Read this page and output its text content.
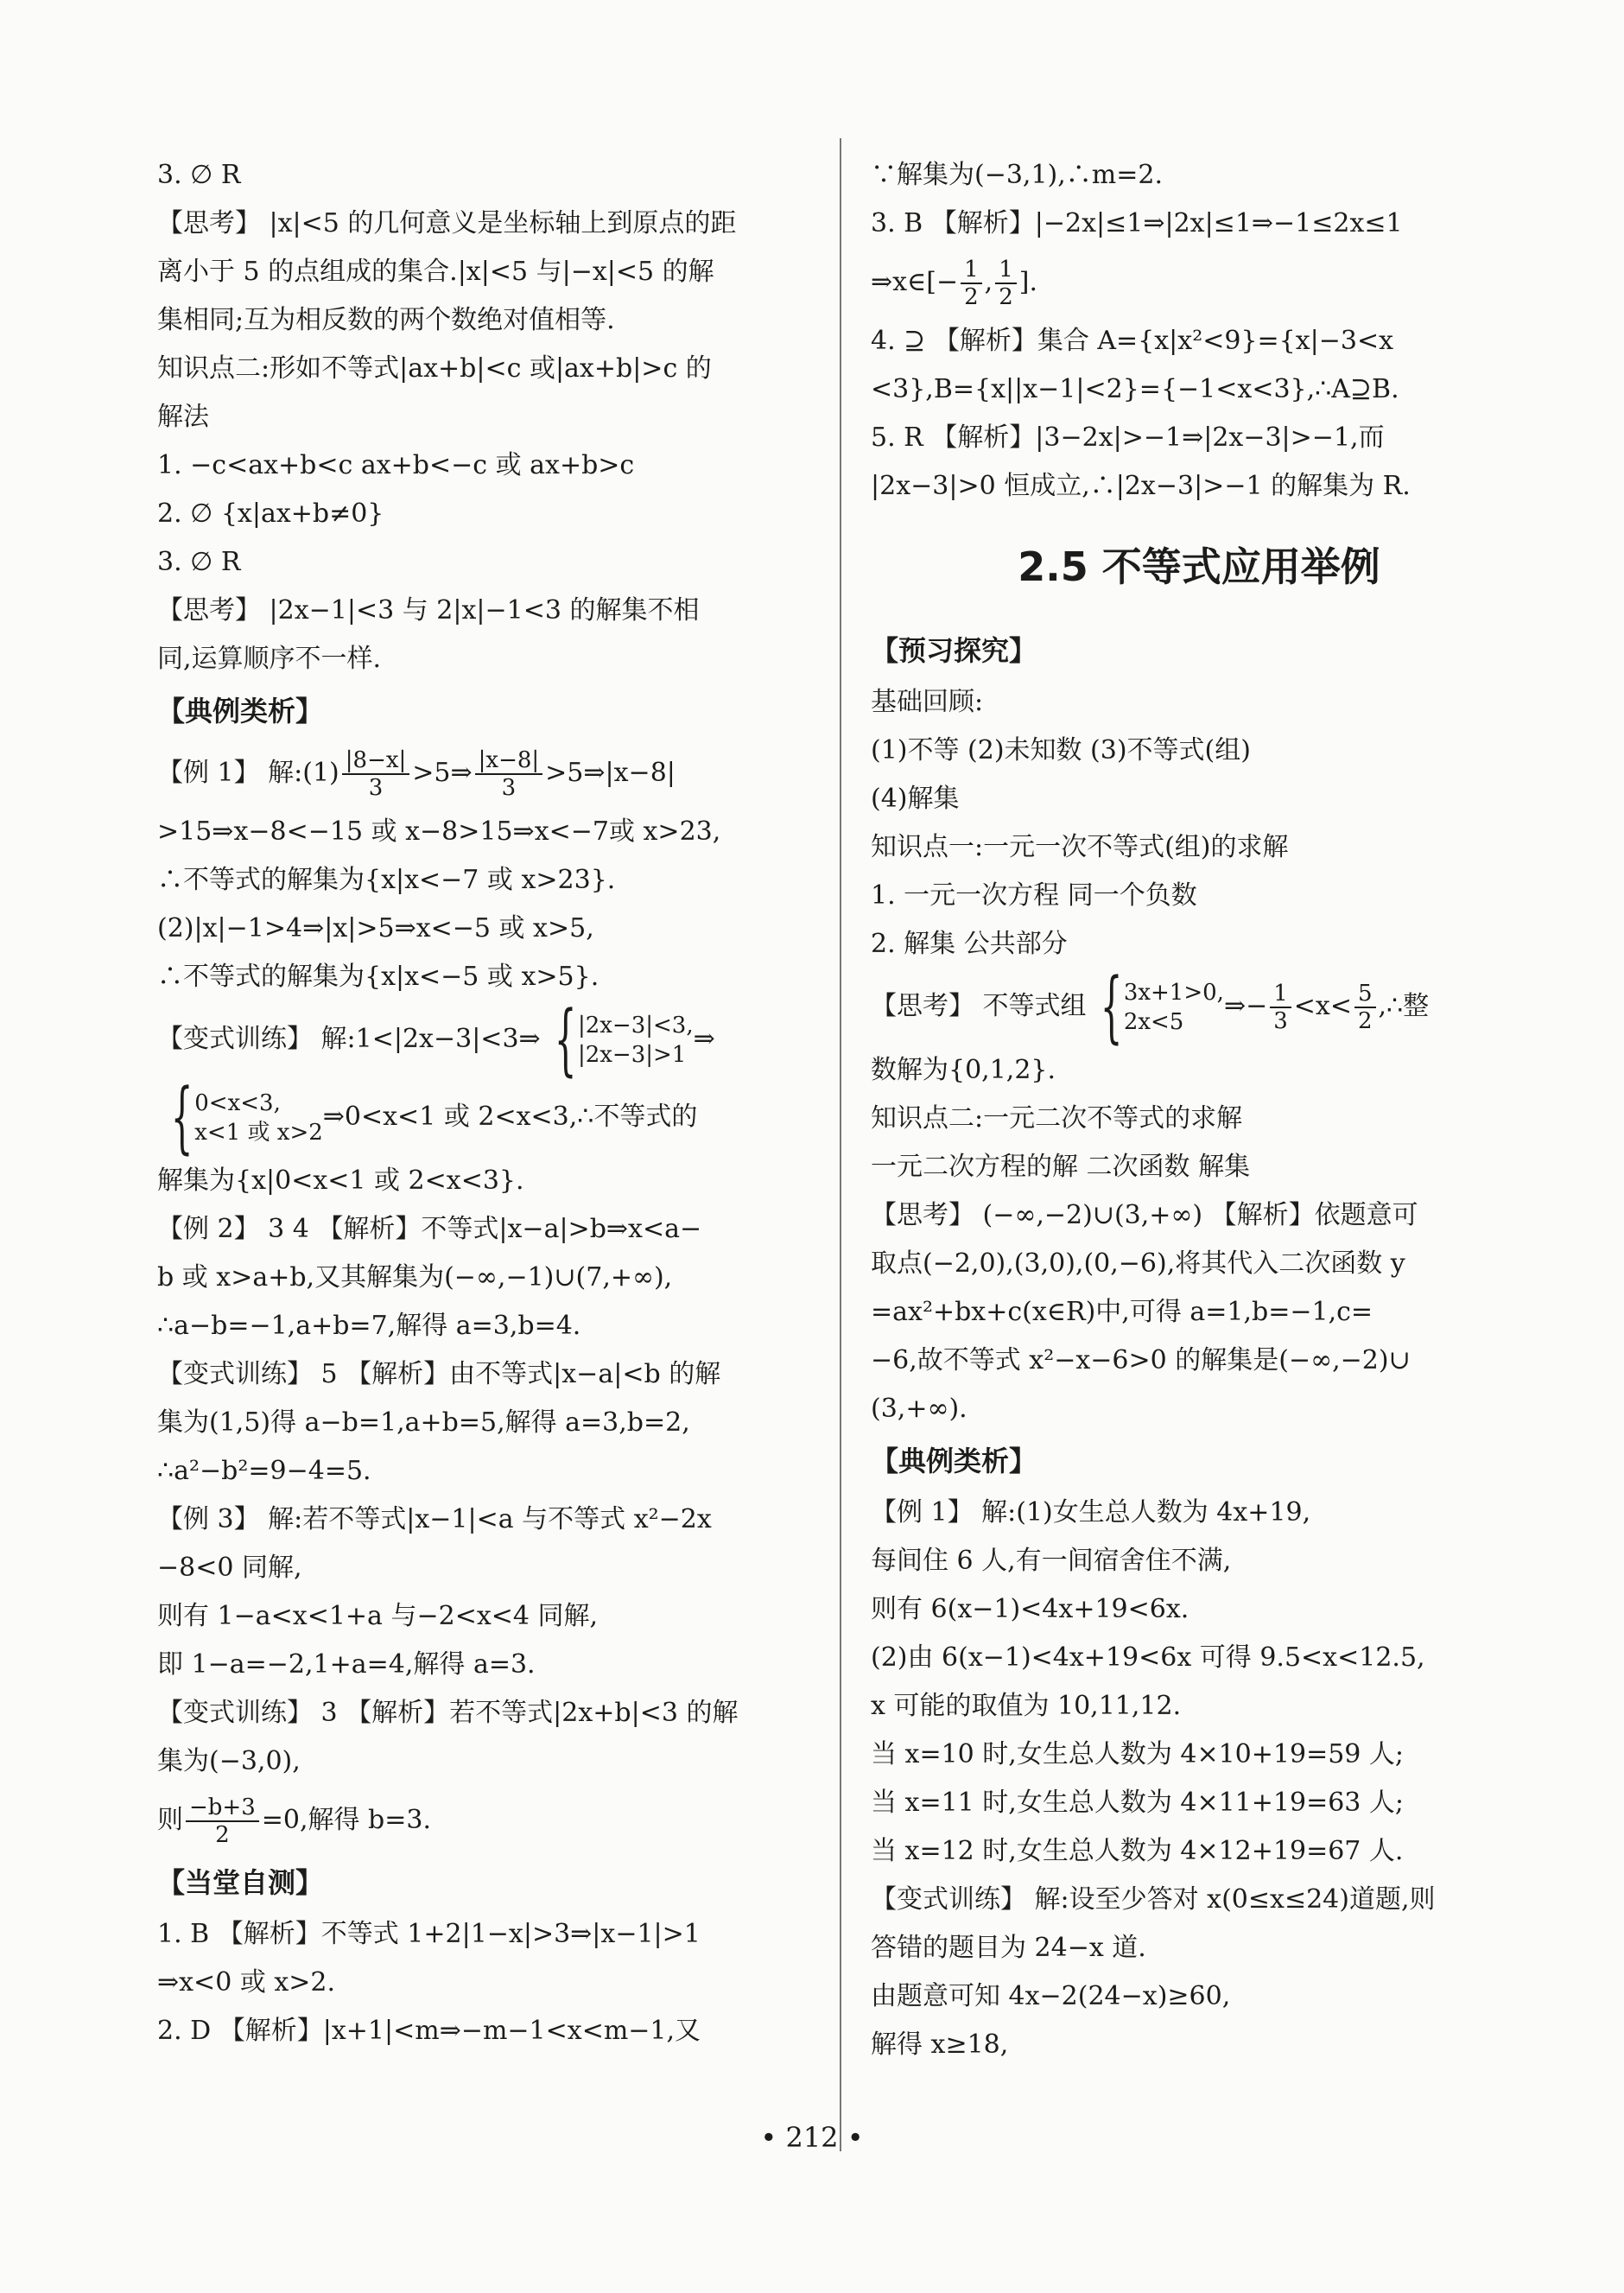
3. ∅ R
【思考】 |x|<5 的几何意义是坐标轴上到原点的距
离小于 5 的点组成的集合.|x|<5 与|−x|<5 的解
集相同;互为相反数的两个数绝对值相等.
知识点二:形如不等式|ax+b|<c 或|ax+b|>c 的
解法
1. −c<ax+b<c ax+b<−c 或 ax+b>c
2. ∅ {x|ax+b≠0}
3. ∅ R
【思考】 |2x−1|<3 与 2|x|−1<3 的解集不相
同,运算顺序不一样.
【典例类析】
【例 1】 解:(1) $\frac{|8-x|}{3}$ >5⇒ $\frac{|x-8|}{3}$ >5⇒|x−8|
>15⇒x−8<−15 或 x−8>15⇒x<−7或 x>23,
∴不等式的解集为{x|x<−7 或 x>23}.
(2)|x|−1>4⇒|x|>5⇒x<−5 或 x>5,
∴不等式的解集为{x|x<−5 或 x>5}.
【变式训练】 解:1<|2x−3|<3⇒ { |2x−3|<3,
|2x−3|>1
⇒
{ 0<x<3,
x<1 或 x>2
⇒0<x<1 或 2<x<3,∴不等式的
解集为{x|0<x<1 或 2<x<3}.
【例 2】 3 4 【解析】不等式|x−a|>b⇒x<a−
b 或 x>a+b,又其解集为(−∞,−1)∪(7,+∞),
∴a−b=−1,a+b=7,解得 a=3,b=4.
【变式训练】 5 【解析】由不等式|x−a|<b 的解
集为(1,5)得 a−b=1,a+b=5,解得 a=3,b=2,
∴a²−b²=9−4=5.
【例 3】 解:若不等式|x−1|<a 与不等式 x²−2x
−8<0 同解,
则有 1−a<x<1+a 与−2<x<4 同解,
即 1−a=−2,1+a=4,解得 a=3.
【变式训练】 3 【解析】若不等式|2x+b|<3 的解
集为(−3,0),
则 $\frac{-b+3}{2} =0$,解得 b=3.
【当堂自测】
1. B 【解析】不等式 1+2|1−x|>3⇒|x−1|>1
⇒x<0 或 x>2.
2. D 【解析】|x+1|<m⇒−m−1<x<m−1,又
∵解集为(−3,1),∴m=2.
3. B 【解析】|−2x|≤1⇒|2x|≤1⇒−1≤2x≤1
⇒x∈[− $\frac{1}{2}$ , $\frac{1}{2}$ ].
4. ⊇ 【解析】集合 A={x|x²<9}={x|−3<x
<3},B={x||x−1|<2}={−1<x<3},∴A⊇B.
5. R 【解析】|3−2x|>−1⇒|2x−3|>−1,而
|2x−3|>0 恒成立,∴|2x−3|>−1 的解集为 R.
2.5 不等式应用举例
【预习探究】
基础回顾:
(1)不等 (2)未知数 (3)不等式(组)
(4)解集
知识点一:一元一次不等式(组)的求解
1. 一元一次方程 同一个负数
2. 解集 公共部分
【思考】 不等式组 { 3x+1>0,
2x<5
⇒− $\frac{1}{3} <x< \frac{5}{2}$ ,∴整
数解为{0,1,2}.
知识点二:一元二次不等式的求解
一元二次方程的解 二次函数 解集
【思考】 (−∞,−2)∪(3,+∞) 【解析】依题意可
取点(−2,0),(3,0),(0,−6),将其代入二次函数 y
=ax²+bx+c(x∈R)中,可得 a=1,b=−1,c=
−6,故不等式 x²−x−6>0 的解集是(−∞,−2)∪
(3,+∞).
【典例类析】
【例 1】 解:(1)女生总人数为 4x+19,
每间住 6 人,有一间宿舍住不满,
则有 6(x−1)<4x+19<6x.
(2)由 6(x−1)<4x+19<6x 可得 9.5<x<12.5,
x 可能的取值为 10,11,12.
当 x=10 时,女生总人数为 4×10+19=59 人;
当 x=11 时,女生总人数为 4×11+19=63 人;
当 x=12 时,女生总人数为 4×12+19=67 人.
【变式训练】 解:设至少答对 x(0≤x≤24)道题,则
答错的题目为 24−x 道.
由题意可知 4x−2(24−x)≥60,
解得 x≥18,
• 212 •
